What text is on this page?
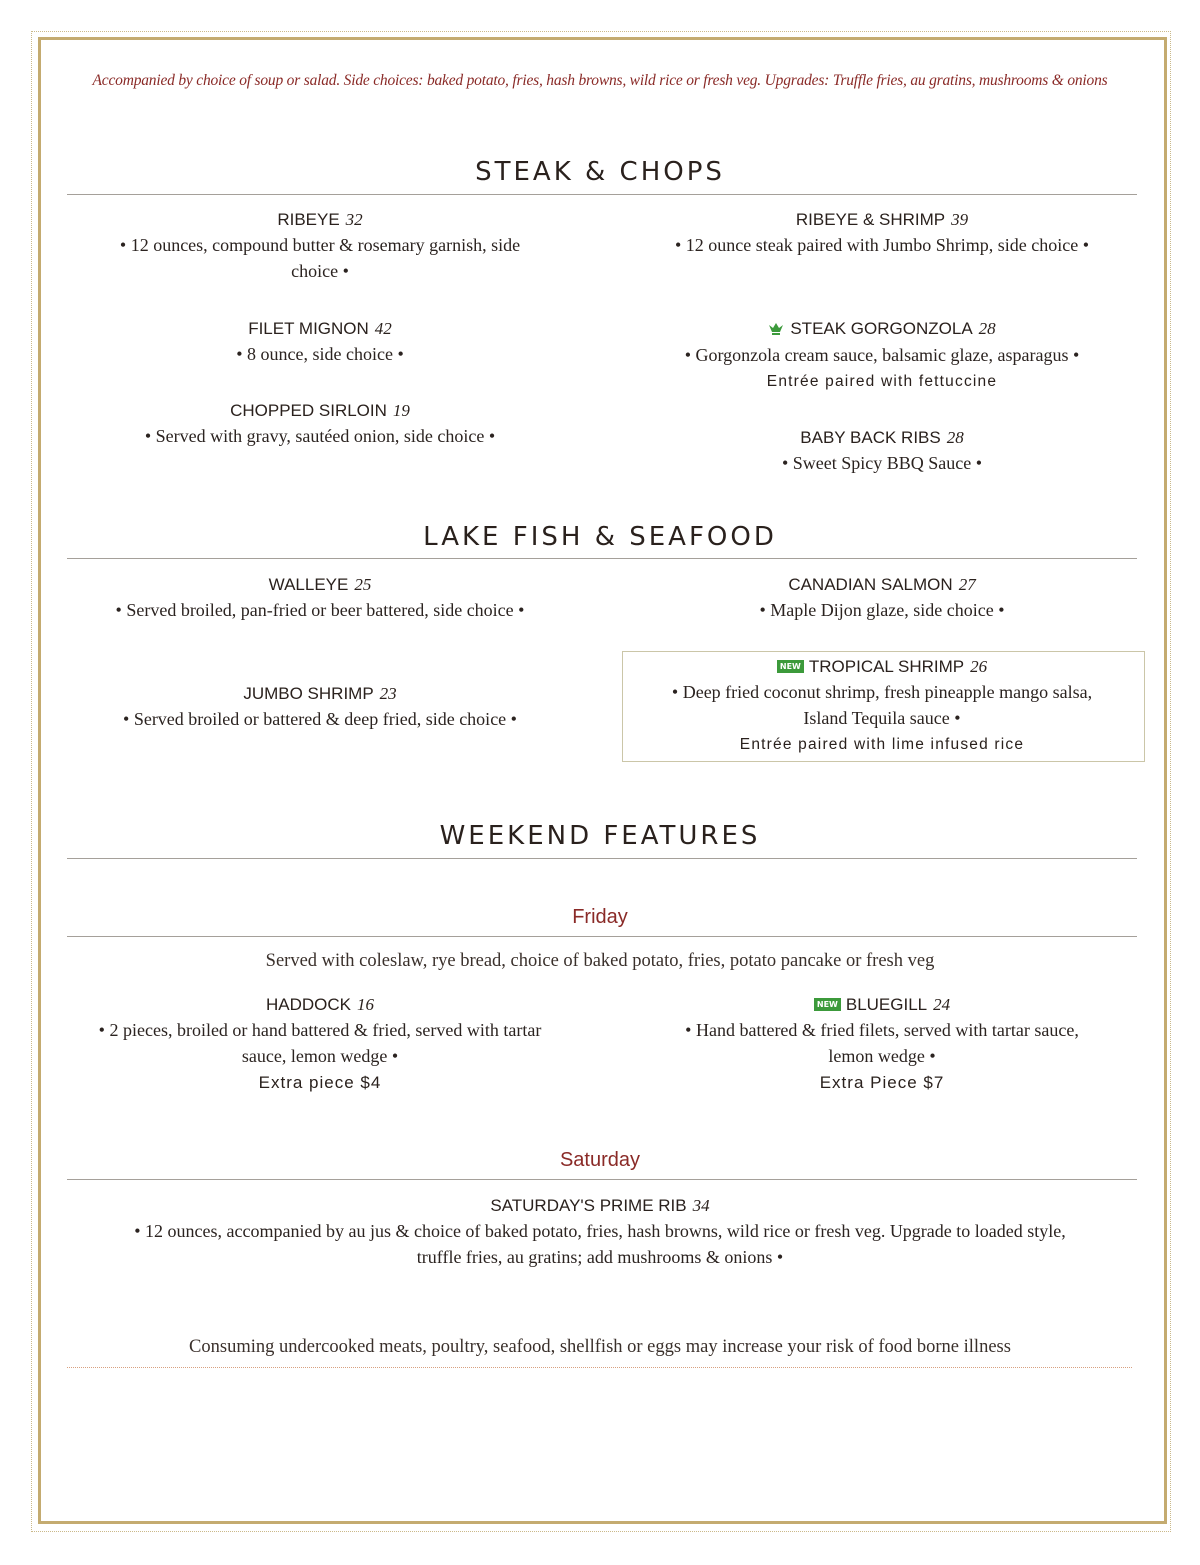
Accompanied by choice of soup or salad. Side choices: baked potato, fries, hash browns, wild rice or fresh veg. Upgrades: Truffle fries, au gratins, mushrooms & onions
STEAK & CHOPS
RIBEYE 32
• 12 ounces, compound butter & rosemary garnish, side choice •
FILET MIGNON 42
• 8 ounce, side choice •
CHOPPED SIRLOIN 19
• Served with gravy, sautéed onion, side choice •
RIBEYE & SHRIMP 39
• 12 ounce steak paired with Jumbo Shrimp, side choice •
STEAK GORGONZOLA 28
• Gorgonzola cream sauce, balsamic glaze, asparagus •
Entrée paired with fettuccine
BABY BACK RIBS 28
• Sweet Spicy BBQ Sauce •
LAKE FISH & SEAFOOD
WALLEYE 25
• Served broiled, pan-fried or beer battered, side choice •
JUMBO SHRIMP 23
• Served broiled or battered & deep fried, side choice •
CANADIAN SALMON 27
• Maple Dijon glaze, side choice •
NEW TROPICAL SHRIMP 26
• Deep fried coconut shrimp, fresh pineapple mango salsa, Island Tequila sauce •
Entrée paired with lime infused rice
WEEKEND FEATURES
Friday
Served with coleslaw, rye bread, choice of baked potato, fries, potato pancake or fresh veg
HADDOCK 16
• 2 pieces, broiled or hand battered & fried, served with tartar sauce, lemon wedge •
Extra piece $4
NEW BLUEGILL 24
• Hand battered & fried filets, served with tartar sauce, lemon wedge •
Extra Piece $7
Saturday
SATURDAY'S PRIME RIB 34
• 12 ounces, accompanied by au jus & choice of baked potato, fries, hash browns, wild rice or fresh veg. Upgrade to loaded style, truffle fries, au gratins; add mushrooms & onions •
Consuming undercooked meats, poultry, seafood, shellfish or eggs may increase your risk of food borne illness
